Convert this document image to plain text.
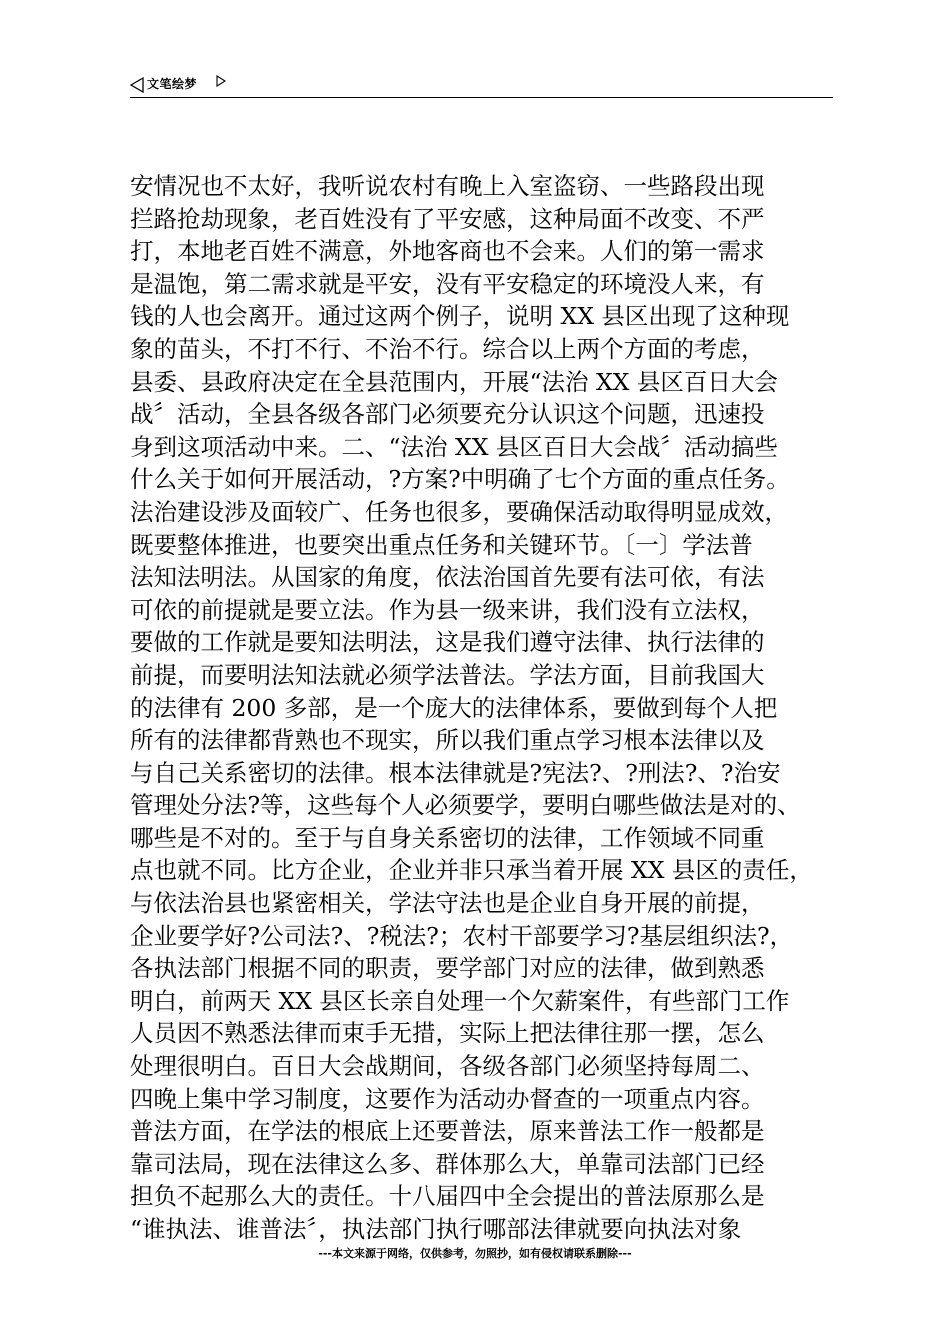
文笔绘梦
安情况也不太好，我听说农村有晚上入室盗窃、一些路段出现
拦路抢劫现象，老百姓没有了平安感，这种局面不改变、不严
打，本地老百姓不满意，外地客商也不会来。人们的第一需求
是温饱，第二需求就是平安，没有平安稳定的环境没人来，有
钱的人也会离开。通过这两个例子，说明 XX 县区出现了这种现
象的苗头，不打不行、不治不行。综合以上两个方面的考虑，
县委、县政府决定在全县范围内，开展“法治 XX 县区百日大会
战〞活动，全县各级各部门必须要充分认识这个问题，迅速投
身到这项活动中来。二、“法治 XX 县区百日大会战〞活动搞些
什么关于如何开展活动，?方案?中明确了七个方面的重点任务。
法治建设涉及面较广、任务也很多，要确保活动取得明显成效，
既要整体推进，也要突出重点任务和关键环节。〔一〕学法普
法知法明法。从国家的角度，依法治国首先要有法可依，有法
可依的前提就是要立法。作为县一级来讲，我们没有立法权，
要做的工作就是要知法明法，这是我们遵守法律、执行法律的
前提，而要明法知法就必须学法普法。学法方面，目前我国大
的法律有 200 多部，是一个庞大的法律体系，要做到每个人把
所有的法律都背熟也不现实，所以我们重点学习根本法律以及
与自己关系密切的法律。根本法律就是?宪法?、?刑法?、?治安
管理处分法?等，这些每个人必须要学，要明白哪些做法是对的、
哪些是不对的。至于与自身关系密切的法律，工作领域不同重
点也就不同。比方企业，企业并非只承当着开展 XX 县区的责任，
与依法治县也紧密相关，学法守法也是企业自身开展的前提，
企业要学好?公司法?、?税法?；农村干部要学习?基层组织法?，
各执法部门根据不同的职责，要学部门对应的法律，做到熟悉
明白，前两天 XX 县区长亲自处理一个欠薪案件，有些部门工作
人员因不熟悉法律而束手无措，实际上把法律往那一摆，怎么
处理很明白。百日大会战期间，各级各部门必须坚持每周二、
四晚上集中学习制度，这要作为活动办督查的一项重点内容。
普法方面，在学法的根底上还要普法，原来普法工作一般都是
靠司法局，现在法律这么多、群体那么大，单靠司法部门已经
担负不起那么大的责任。十八届四中全会提出的普法原那么是
“谁执法、谁普法〞，执法部门执行哪部法律就要向执法对象
---本文来源于网络，仅供参考，勿照抄，如有侵权请联系删除---
